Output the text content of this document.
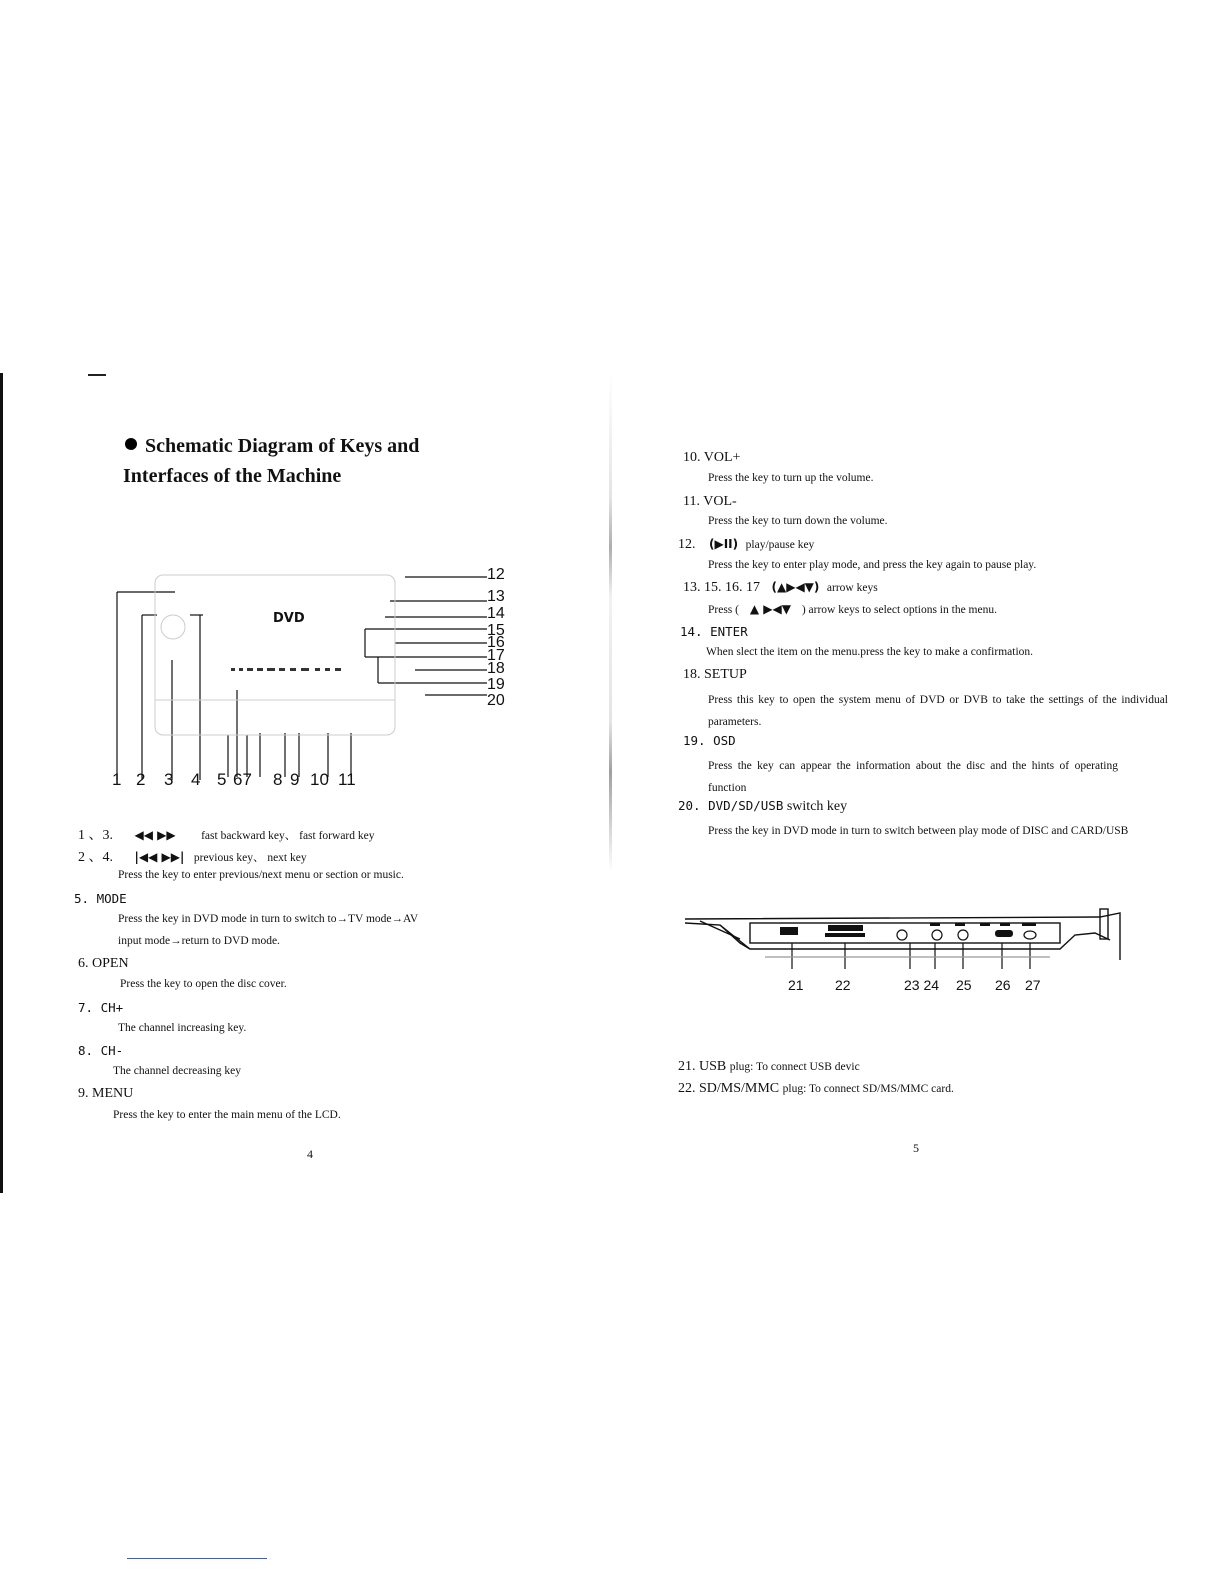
Schematic Diagram of Keys and
Interfaces of the Machine
DVD
12
13
14
15
16
17
18
19
20
1 2 3 4 5 67 8 9 10 11
1 、3. ◀◀ ▶▶ fast backward key、 fast forward key
2 、4. |◀◀ ▶▶| previous key、 next key
Press the key to enter previous/next menu or section or music.
5. MODE
Press the key in DVD mode in turn to switch to→TV mode→AV
input mode→return to DVD mode.
6. OPEN
Press the key to open the disc cover.
7. CH+
The channel increasing key.
8. CH-
The channel decreasing key
9. MENU
Press the key to enter the main menu of the LCD.
4
10. VOL+
Press the key to turn up the volume.
11. VOL-
Press the key to turn down the volume.
12. (▶II) play/pause key
Press the key to enter play mode, and press the key again to pause play.
13. 15. 16. 17 (▲▶◀▼) arrow keys
Press ( ▲ ▶◀▼ ) arrow keys to select options in the menu.
14. ENTER
When slect the item on the menu.press the key to make a confirmation.
18. SETUP
Press this key to open the system menu of DVD or DVB to take the settings of the individual parameters.
19. OSD
Press the key can appear the information about the disc and the hints of operating function
20. DVD/SD/USB switch key
Press the key in DVD mode in turn to switch between play mode of DISC and CARD/USB
21 22	23 24 25 26 27
21. USB plug: To connect USB devic
22. SD/MS/MMC plug: To connect SD/MS/MMC card.
5
